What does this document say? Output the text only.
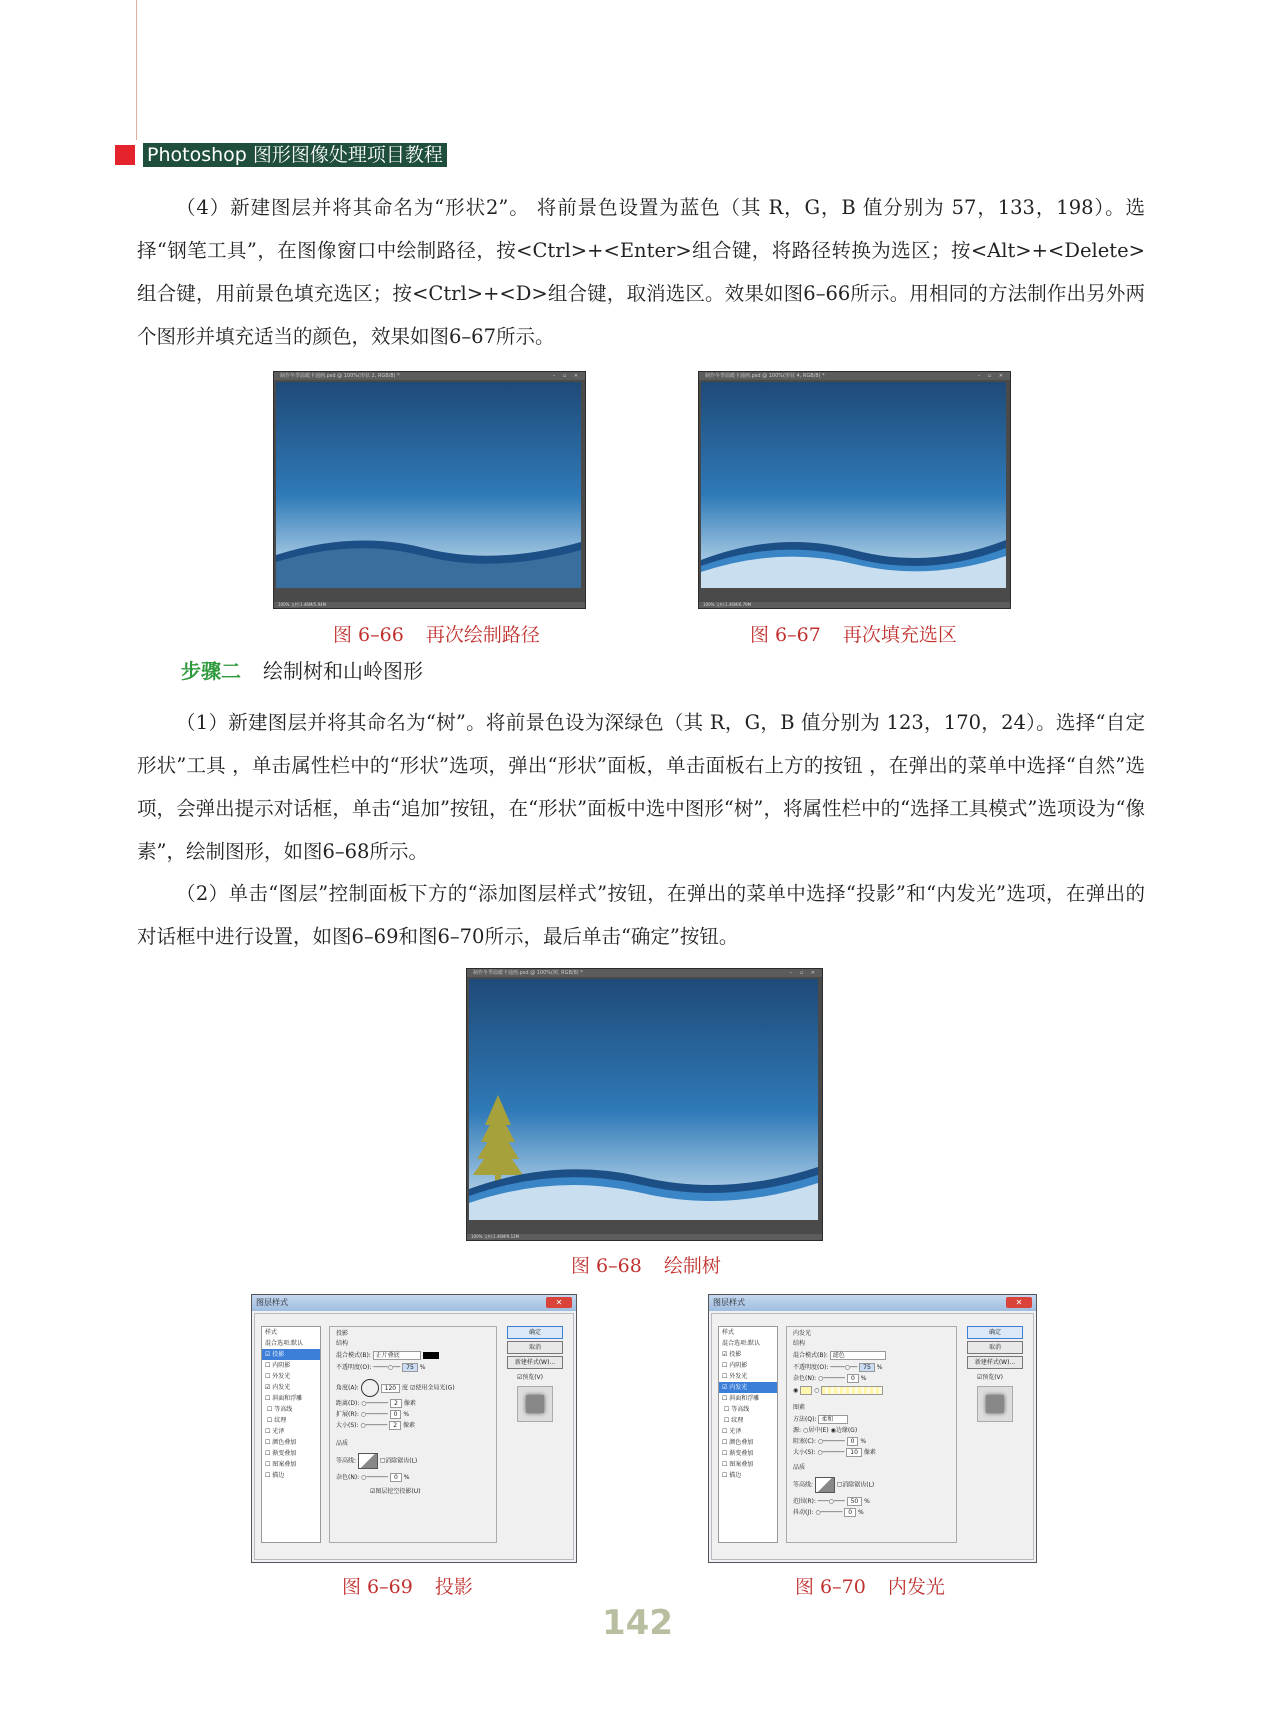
Photoshop 图形图像处理项目教程
（4）新建图层并将其命名为“形状2”。 将前景色设置为蓝色（其 R，G，B 值分别为 57，133，198）。选择“钢笔工具”，在图像窗口中绘制路径，按<Ctrl>+<Enter>组合键，将路径转换为选区；按<Alt>+<Delete>组合键，用前景色填充选区；按<Ctrl>+<D>组合键，取消选区。效果如图6–66所示。用相同的方法制作出另外两个图形并填充适当的颜色，效果如图6–67所示。
制作冬季温暖卡通画.psd @ 100%(形状 2, RGB/8) *	– ▫ ✕
100% 文档:1.46M/5.94M
图 6–66 再次绘制路径
制作冬季温暖卡通画.psd @ 100%(形状 4, RGB/8) *	– ▫ ✕
100% 文档:1.46M/6.79M
图 6–67 再次填充选区
步骤二 绘制树和山岭图形
（1）新建图层并将其命名为“树”。将前景色设为深绿色（其 R，G，B 值分别为 123，170，24）。选择“自定形状”工具 ，单击属性栏中的“形状”选项，弹出“形状”面板，单击面板右上方的按钮 ，在弹出的菜单中选择“自然”选项，会弹出提示对话框，单击“追加”按钮，在“形状”面板中选中图形“树”，将属性栏中的“选择工具模式”选项设为“像素”，绘制图形，如图6–68所示。
（2）单击“图层”控制面板下方的“添加图层样式”按钮，在弹出的菜单中选择“投影”和“内发光”选项，在弹出的对话框中进行设置，如图6–69和图6–70所示，最后单击“确定”按钮。
制作冬季温暖卡通画.psd @ 100%(树, RGB/8) *	– ▫ ✕
100% 文档:1.46M/9.12M
图 6–68 绘制树
图层样式	✕
样式
混合选项:默认
☑ 投影
☐ 内阴影
☐ 外发光
☑ 内发光
☐ 斜面和浮雕
☐ 等高线
☐ 纹理
☐ 光泽
☐ 颜色叠加
☐ 渐变叠加
☐ 图案叠加
☐ 描边
投影
结构
混合模式(B): 正片叠底
不透明度(O): ────○── 75 %
角度(A):	120 度 ☑使用全局光(G)
距离(D): ○────── 2 像素
扩展(R): ○────── 0 %
大小(S): ○────── 2 像素
品质
等高线:	☐消除锯齿(L)
杂色(N): ○────── 0 %
☑图层挖空投影(U)
确定
取消
新建样式(W)...
☑预览(V)
图 6–69 投影
图层样式	✕
样式
混合选项:默认
☑ 投影
☐ 内阴影
☐ 外发光
☑ 内发光
☐ 斜面和浮雕
☐ 等高线
☐ 纹理
☐ 光泽
☐ 颜色叠加
☐ 渐变叠加
☐ 图案叠加
☐ 描边
内发光
结构
混合模式(B): 滤色
不透明度(O): ────○── 75 %
杂色(N): ○────── 0 %
◉  ○
图素
方法(Q): 柔和
源: ○居中(E) ◉边缘(G)
阻塞(C): ○────── 0 %
大小(S): ○────── 10 像素
品质
等高线:	☐消除锯齿(L)
范围(R): ───○─── 50 %
抖动(J): ○────── 0 %
确定
取消
新建样式(W)...
☑预览(V)
图 6–70 内发光
142
